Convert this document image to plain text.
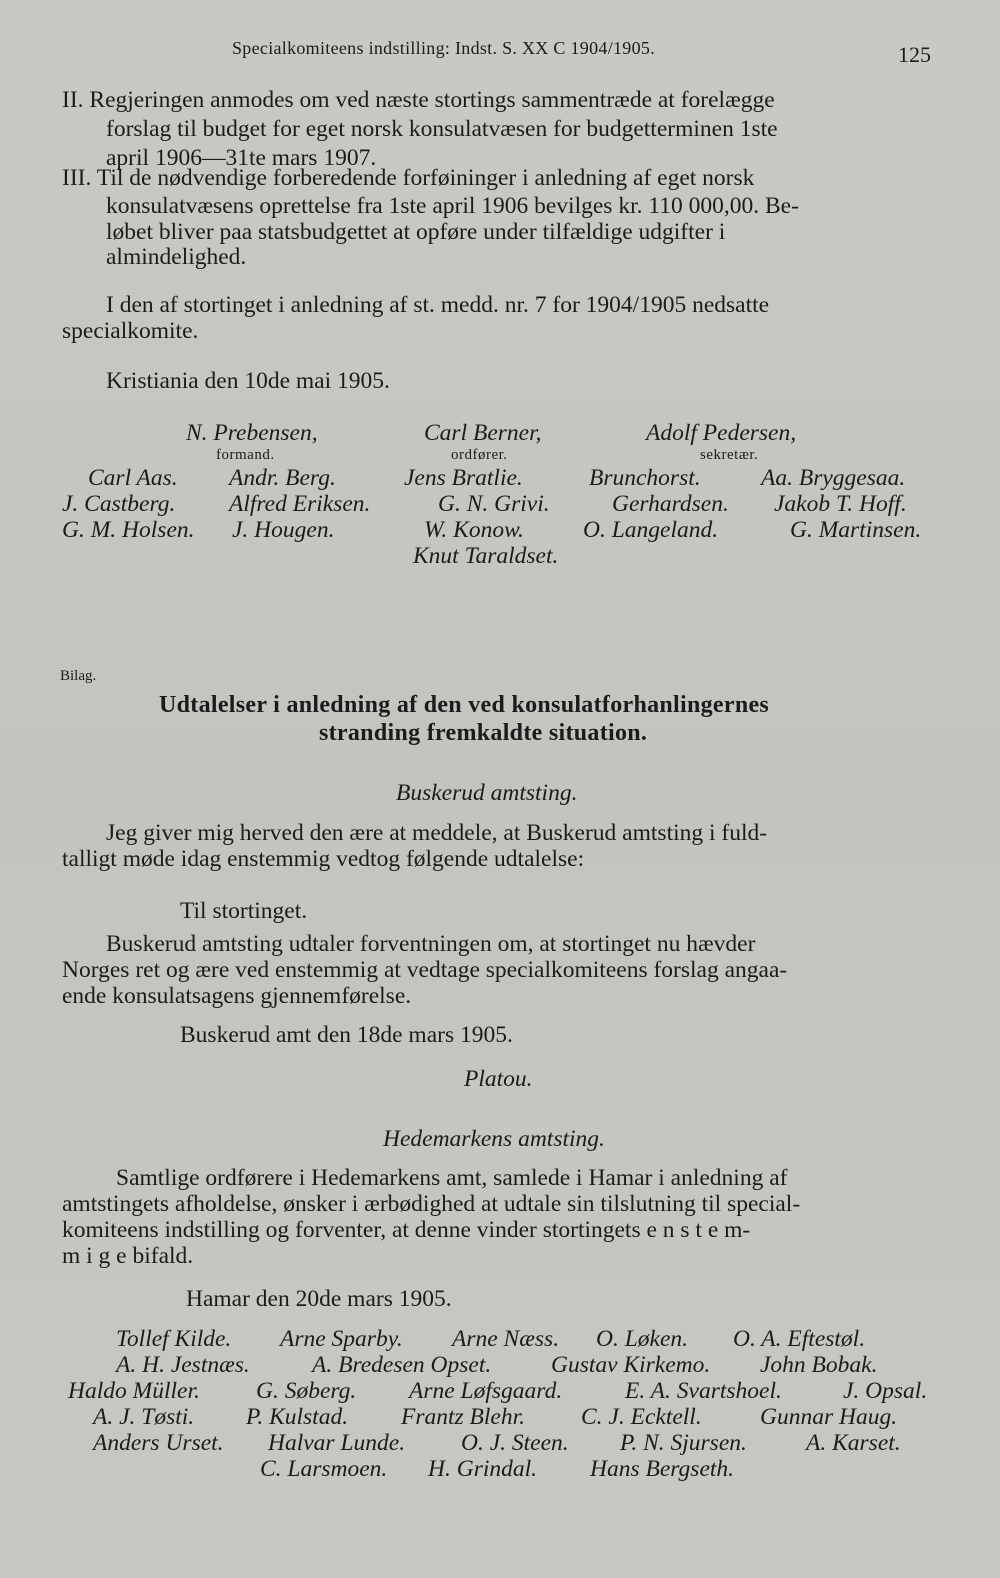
Specialkomiteens indstilling: Indst. S. XX C 1904/1905.	125
II. Regjeringen anmodes om ved næste stortings sammentræde at forelægge
forslag til budget for eget norsk konsulatvæsen for budgetterminen 1ste
april 1906—31te mars 1907.
III. Til de nødvendige forberedende forføininger i anledning af eget norsk
konsulatvæsens oprettelse fra 1ste april 1906 bevilges kr. 110 000,00. Be-
løbet bliver paa statsbudgettet at opføre under tilfældige udgifter i
almindelighed.
I den af stortinget i anledning af st. medd. nr. 7 for 1904/1905 nedsatte
specialkomite.
Kristiania den 10de mai 1905.
N. Prebensen,
formand.
Carl Berner,
ordfører.
Adolf Pedersen,
sekretær.
Carl Aas. Andr. Berg.	Jens Bratlie.	Brunchorst.	Aa. Bryggesaa.
J. Castberg. Alfred Eriksen.	G. N. Grivi.	Gerhardsen. Jakob T. Hoff.
G. M. Holsen. J. Hougen.	W. Konow.	O. Langeland.	G. Martinsen.
Knut Taraldset.
Bilag.
Udtalelser i anledning af den ved konsulatforhanlingernes
stranding fremkaldte situation.
Buskerud amtsting.
Jeg giver mig herved den ære at meddele, at Buskerud amtsting i fuld-
talligt møde idag enstemmig vedtog følgende udtalelse:
Til stortinget.
Buskerud amtsting udtaler forventningen om, at stortinget nu hævder
Norges ret og ære ved enstemmig at vedtage specialkomiteens forslag angaa-
ende konsulatsagens gjennemførelse.
Buskerud amt den 18de mars 1905.
Platou.
Hedemarkens amtsting.
Samtlige ordførere i Hedemarkens amt, samlede i Hamar i anledning af
amtstingets afholdelse, ønsker i ærbødighed at udtale sin tilslutning til special-
komiteens indstilling og forventer, at denne vinder stortingets e n s t e m-
m i g e bifald.
Hamar den 20de mars 1905.
Tollef Kilde. Arne Sparby. Arne Næss. O. Løken. O. A. Eftestøl.
A. H. Jestnæs.	A. Bredesen Opset.	Gustav Kirkemo. John Bobak.
Haldo Müller. G. Søberg. Arne Løfsgaard.	E. A. Svartshoel.	J. Opsal.
A. J. Tøsti. P. Kulstad. Frantz Blehr. C. J. Ecktell. Gunnar Haug.
Anders Urset. Halvar Lunde. O. J. Steen. P. N. Sjursen.	A. Karset.
C. Larsmoen. H. Grindal. Hans Bergseth.
